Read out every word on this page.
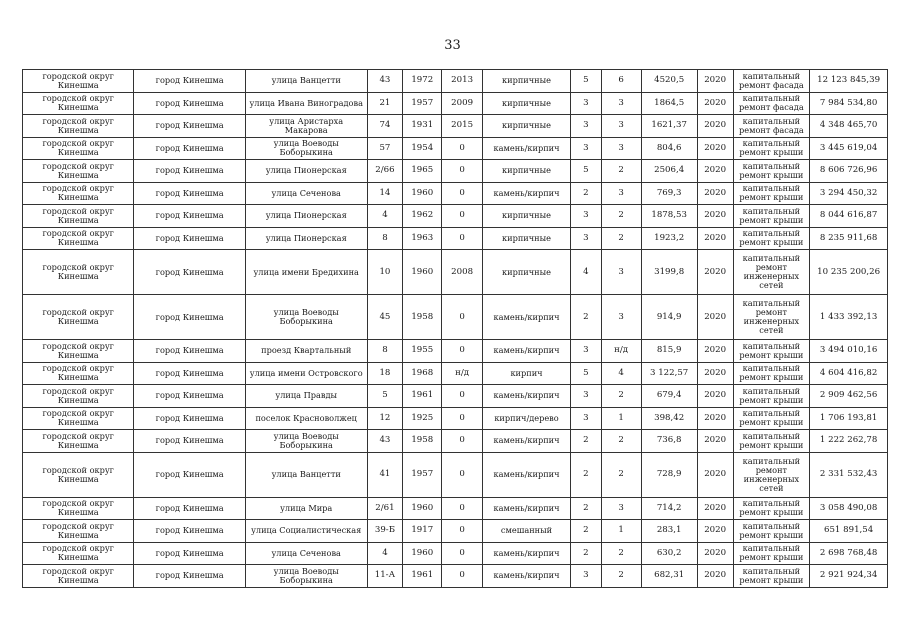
33
городской округ Кинешма	город Кинешма	улица Ванцетти	43	1972	2013	кирпичные	5	6	4520,5	2020	капитальный ремонт фасада	12 123 845,39
городской округ Кинешма	город Кинешма	улица Ивана Виноградова	21	1957	2009	кирпичные	3	3	1864,5	2020	капитальный ремонт фасада	7 984 534,80
городской округ Кинешма	город Кинешма	улица Аристарха Макарова	74	1931	2015	кирпичные	3	3	1621,37	2020	капитальный ремонт фасада	4 348 465,70
городской округ Кинешма	город Кинешма	улица Воеводы Боборыкина	57	1954	0	камень/кирпич	3	3	804,6	2020	капитальный ремонт крыши	3 445 619,04
городской округ Кинешма	город Кинешма	улица Пионерская	2/66	1965	0	кирпичные	5	2	2506,4	2020	капитальный ремонт крыши	8 606 726,96
городской округ Кинешма	город Кинешма	улица Сеченова	14	1960	0	камень/кирпич	2	3	769,3	2020	капитальный ремонт крыши	3 294 450,32
городской округ Кинешма	город Кинешма	улица Пионерская	4	1962	0	кирпичные	3	2	1878,53	2020	капитальный ремонт крыши	8 044 616,87
городской округ Кинешма	город Кинешма	улица Пионерская	8	1963	0	кирпичные	3	2	1923,2	2020	капитальный ремонт крыши	8 235 911,68
городской округ Кинешма	город Кинешма	улица имени Бредихина	10	1960	2008	кирпичные	4	3	3199,8	2020	капитальный ремонт инженерных сетей	10 235 200,26
городской округ Кинешма	город Кинешма	улица Воеводы Боборыкина	45	1958	0	камень/кирпич	2	3	914,9	2020	капитальный ремонт инженерных сетей	1 433 392,13
городской округ Кинешма	город Кинешма	проезд Квартальный	8	1955	0	камень/кирпич	3	н/д	815,9	2020	капитальный ремонт крыши	3 494 010,16
городской округ Кинешма	город Кинешма	улица имени Островского	18	1968	н/д	кирпич	5	4	3 122,57	2020	капитальный ремонт крыши	4 604 416,82
городской округ Кинешма	город Кинешма	улица Правды	5	1961	0	камень/кирпич	3	2	679,4	2020	капитальный ремонт крыши	2 909 462,56
городской округ Кинешма	город Кинешма	поселок Красноволжец	12	1925	0	кирпич/дерево	3	1	398,42	2020	капитальный ремонт крыши	1 706 193,81
городской округ Кинешма	город Кинешма	улица Воеводы Боборыкина	43	1958	0	камень/кирпич	2	2	736,8	2020	капитальный ремонт крыши	1 222 262,78
городской округ Кинешма	город Кинешма	улица Ванцетти	41	1957	0	камень/кирпич	2	2	728,9	2020	капитальный ремонт инженерных сетей	2 331 532,43
городской округ Кинешма	город Кинешма	улица Мира	2/61	1960	0	камень/кирпич	2	3	714,2	2020	капитальный ремонт крыши	3 058 490,08
городской округ Кинешма	город Кинешма	улица Социалистическая	39-Б	1917	0	смешанный	2	1	283,1	2020	капитальный ремонт крыши	651 891,54
городской округ Кинешма	город Кинешма	улица Сеченова	4	1960	0	камень/кирпич	2	2	630,2	2020	капитальный ремонт крыши	2 698 768,48
городской округ Кинешма	город Кинешма	улица Воеводы Боборыкина	11-А	1961	0	камень/кирпич	3	2	682,31	2020	капитальный ремонт крыши	2 921 924,34
